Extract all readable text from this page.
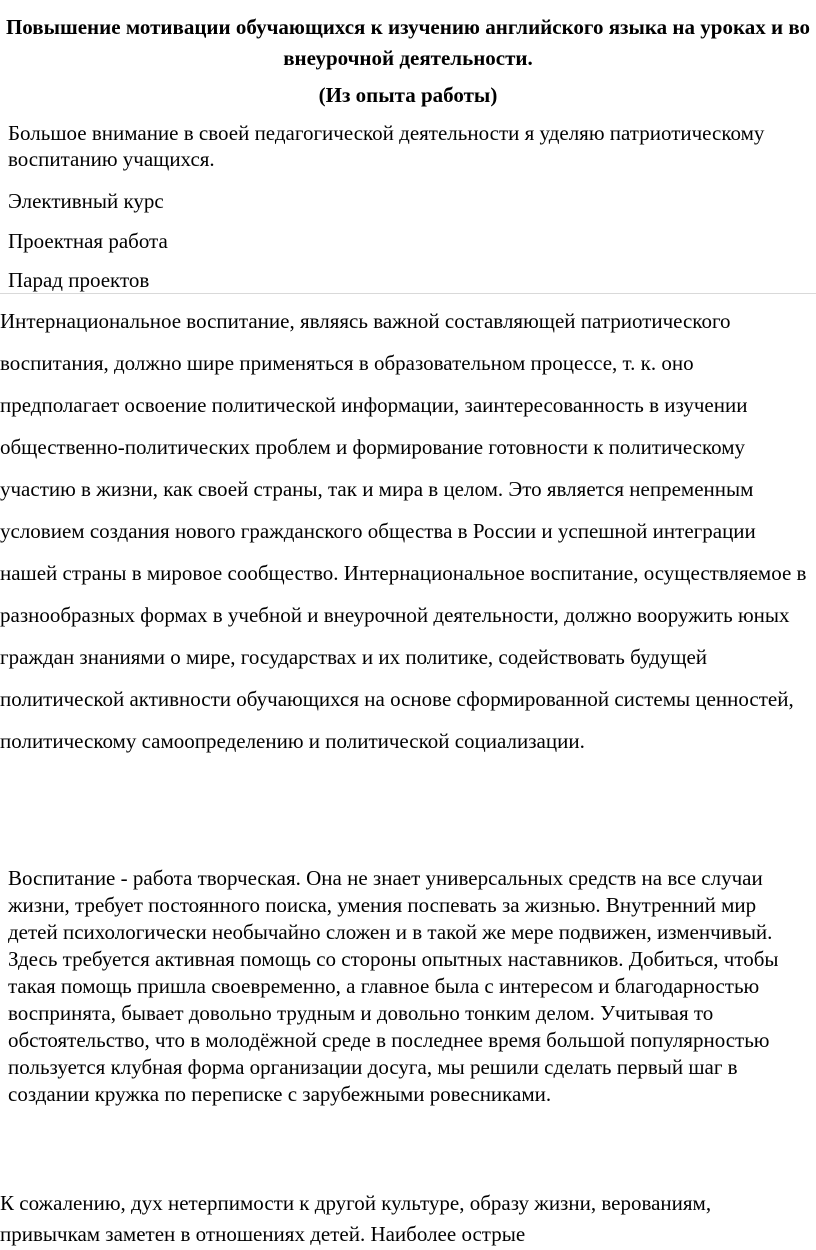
Повышение мотивации обучающихся к изучению английского языка на уроках и во внеурочной деятельности.
(Из опыта работы)

Большое внимание в своей педагогической деятельности я уделяю патриотическому воспитанию учащихся.

Элективный курс

Проектная работа

Парад проектов

Интернациональное воспитание, являясь важной составляющей патриотического воспитания, должно шире применяться в образовательном процессе, т. к. оно предполагает освоение политической информации, заинтересованность в изучении общественно-политических проблем и формирование готовности к политическому участию в жизни, как своей страны, так и мира в целом. Это является непременным условием создания нового гражданского общества в России и успешной интеграции нашей страны в мировое сообщество. Интернациональное воспитание, осуществляемое в разнообразных формах в учебной и внеурочной деятельности, должно вооружить юных граждан знаниями о мире, государствах и их политике, содействовать будущей политической активности обучающихся на основе сформированной системы ценностей, политическому самоопределению и политической социализации.

Воспитание - работа творческая. Она не знает универсальных средств на все случаи жизни, требует постоянного поиска, умения поспевать за жизнью. Внутренний мир детей психологически необычайно сложен и в такой же мере подвижен, изменчивый. Здесь требуется активная помощь со стороны опытных наставников. Добиться, чтобы такая помощь пришла своевременно, а главное была с интересом и благодарностью воспринята, бывает довольно трудным и довольно тонким делом. Учитывая то обстоятельство, что в молодёжной среде в последнее время большой популярностью пользуется клубная форма организации досуга, мы решили сделать первый шаг в создании кружка по переписке с зарубежными ровесниками.

К сожалению, дух нетерпимости к другой культуре, образу жизни, верованиям, привычкам заметен в отношениях детей. Наиболее острые
